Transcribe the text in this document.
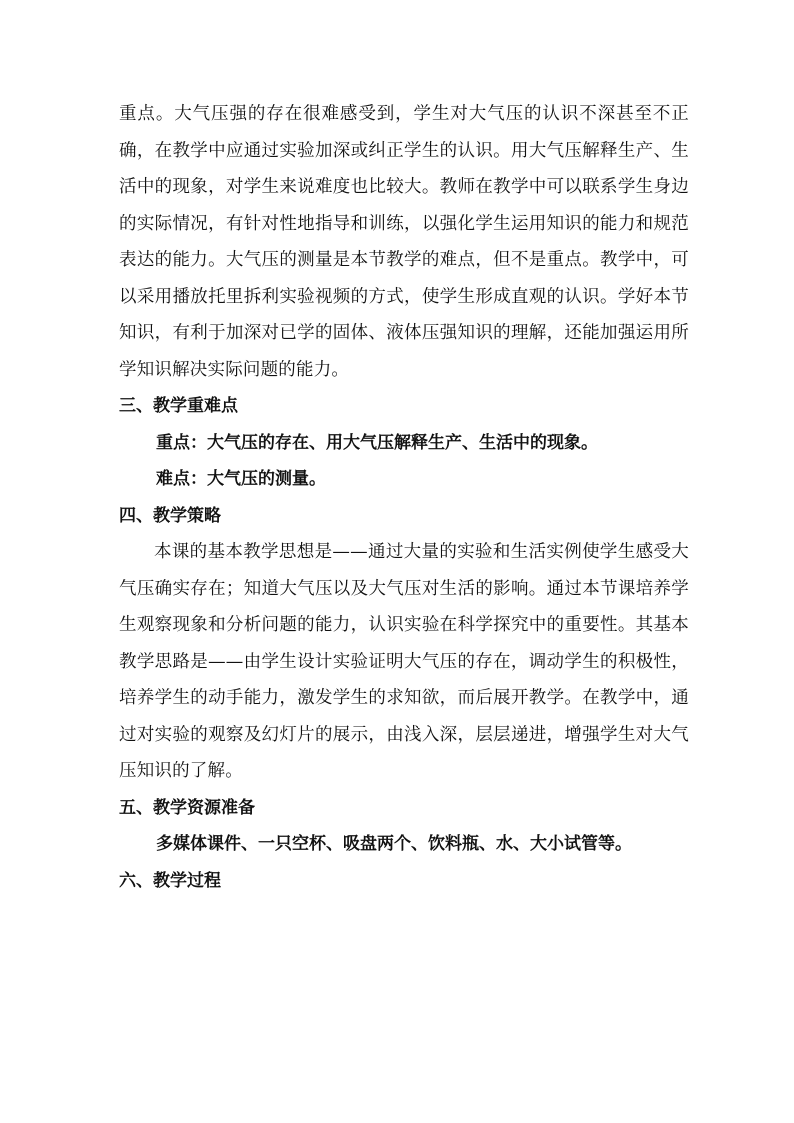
重点。大气压强的存在很难感受到，学生对大气压的认识不深甚至不正确，在教学中应通过实验加深或纠正学生的认识。用大气压解释生产、生活中的现象，对学生来说难度也比较大。教师在教学中可以联系学生身边的实际情况，有针对性地指导和训练，以强化学生运用知识的能力和规范表达的能力。大气压的测量是本节教学的难点，但不是重点。教学中，可以采用播放托里拆利实验视频的方式，使学生形成直观的认识。学好本节知识，有利于加深对已学的固体、液体压强知识的理解，还能加强运用所学知识解决实际问题的能力。

三、教学重难点

重点：大气压的存在、用大气压解释生产、生活中的现象。

难点：大气压的测量。

四、教学策略

本课的基本教学思想是——通过大量的实验和生活实例使学生感受大气压确实存在；知道大气压以及大气压对生活的影响。通过本节课培养学生观察现象和分析问题的能力，认识实验在科学探究中的重要性。其基本教学思路是——由学生设计实验证明大气压的存在，调动学生的积极性，培养学生的动手能力，激发学生的求知欲，而后展开教学。在教学中，通过对实验的观察及幻灯片的展示，由浅入深，层层递进，增强学生对大气压知识的了解。

五、教学资源准备

多媒体课件、一只空杯、吸盘两个、饮料瓶、水、大小试管等。

六、教学过程
